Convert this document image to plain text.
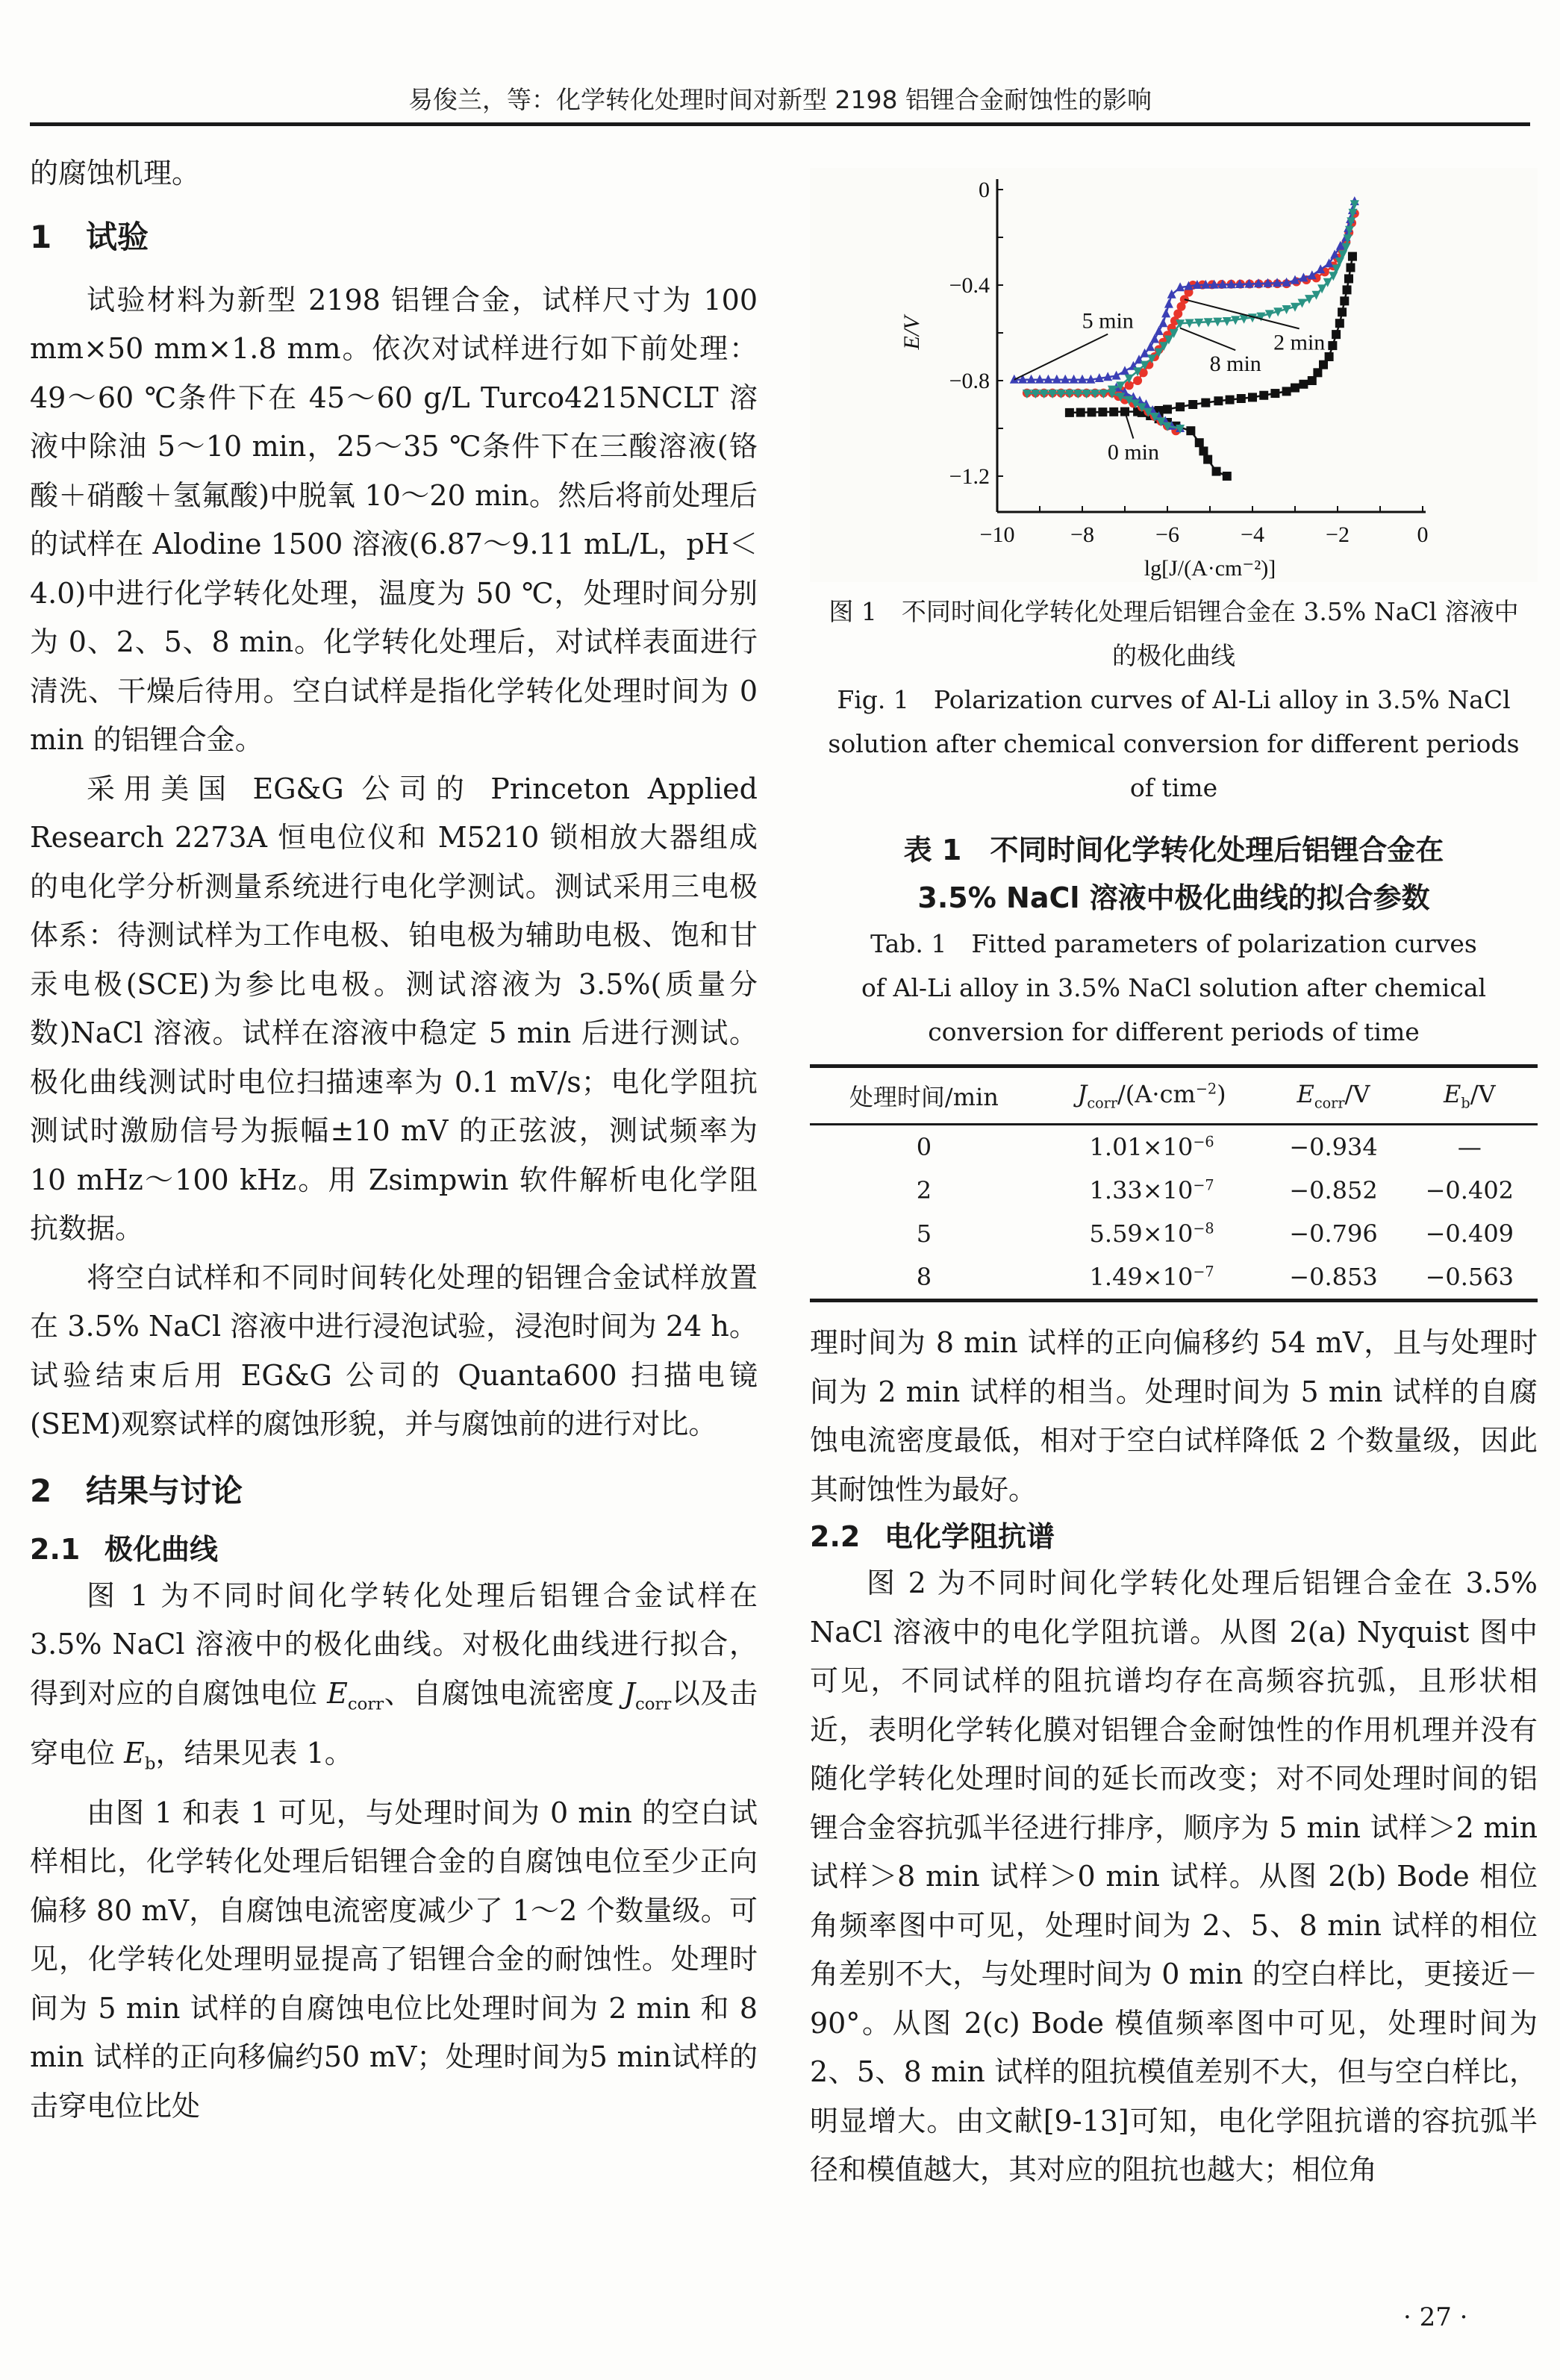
易俊兰，等：化学转化处理时间对新型 2198 铝锂合金耐蚀性的影响

的腐蚀机理。

1 试验

试验材料为新型 2198 铝锂合金，试样尺寸为 100 mm×50 mm×1.8 mm。依次对试样进行如下前处理：49～60 ℃条件下在 45～60 g/L Turco4215NCLT 溶液中除油 5～10 min，25～35 ℃条件下在三酸溶液(铬酸＋硝酸＋氢氟酸)中脱氧 10～20 min。然后将前处理后的试样在 Alodine 1500 溶液(6.87～9.11 mL/L，pH＜4.0)中进行化学转化处理，温度为 50 ℃，处理时间分别为 0、2、5、8 min。化学转化处理后，对试样表面进行清洗、干燥后待用。空白试样是指化学转化处理时间为 0 min 的铝锂合金。

采用美国 EG&G 公司的 Princeton Applied Research 2273A 恒电位仪和 M5210 锁相放大器组成的电化学分析测量系统进行电化学测试。测试采用三电极体系：待测试样为工作电极、铂电极为辅助电极、饱和甘汞电极(SCE)为参比电极。测试溶液为 3.5%(质量分数)NaCl 溶液。试样在溶液中稳定 5 min 后进行测试。极化曲线测试时电位扫描速率为 0.1 mV/s；电化学阻抗测试时激励信号为振幅±10 mV 的正弦波，测试频率为 10 mHz～100 kHz。用 Zsimpwin 软件解析电化学阻抗数据。

将空白试样和不同时间转化处理的铝锂合金试样放置在 3.5% NaCl 溶液中进行浸泡试验，浸泡时间为 24 h。试验结束后用 EG&G 公司的 Quanta600 扫描电镜(SEM)观察试样的腐蚀形貌，并与腐蚀前的进行对比。

2 结果与讨论
2.1 极化曲线

图 1 为不同时间化学转化处理后铝锂合金试样在 3.5% NaCl 溶液中的极化曲线。对极化曲线进行拟合，得到对应的自腐蚀电位 $E_{corr}$、自腐蚀电流密度 $J_{corr}$以及击穿电位 $E_b$，结果见表 1。

由图 1 和表 1 可见，与处理时间为 0 min 的空白试样相比，化学转化处理后铝锂合金的自腐蚀电位至少正向偏移 80 mV，自腐蚀电流密度减少了 1～2 个数量级。可见，化学转化处理明显提高了铝锂合金的耐蚀性。处理时间为 5 min 试样的自腐蚀电位比处理时间为 2 min 和 8 min 试样的正向移偏约50 mV；处理时间为5 min试样的击穿电位比处

−10 −8	−6	−4	−2	0
0
−0.4
−0.8
−1.2
lg[J/(A·cm⁻²)]
E/V	5 min
2 min
8 min
0 min
图 1  不同时间化学转化处理后铝锂合金在 3.5% NaCl 溶液中的极化曲线
Fig. 1  Polarization curves of Al-Li alloy in 3.5% NaCl solution after chemical conversion for different periods of time
表 1  不同时间化学转化处理后铝锂合金在 3.5% NaCl 溶液中极化曲线的拟合参数
Tab. 1  Fitted parameters of polarization curves of Al-Li alloy in 3.5% NaCl solution after chemical conversion for different periods of time
处理时间/min	$J_{corr}/(A\cdot cm^{-2})$	$E_{corr}/V$	$E_b/V$
0	$1.01\times 10^{-6}$	−0.934	—
2	$1.33\times 10^{-7}$	−0.852	−0.402
5	$5.59\times 10^{-8}$	−0.796	−0.409
8	$1.49\times 10^{-7}$	−0.853	−0.563

理时间为 8 min 试样的正向偏移约 54 mV，且与处理时间为 2 min 试样的相当。处理时间为 5 min 试样的自腐蚀电流密度最低，相对于空白试样降低 2 个数量级，因此其耐蚀性为最好。

2.2 电化学阻抗谱

图 2 为不同时间化学转化处理后铝锂合金在 3.5% NaCl 溶液中的电化学阻抗谱。从图 2(a) Nyquist 图中可见，不同试样的阻抗谱均存在高频容抗弧，且形状相近，表明化学转化膜对铝锂合金耐蚀性的作用机理并没有随化学转化处理时间的延长而改变；对不同处理时间的铝锂合金容抗弧半径进行排序，顺序为 5 min 试样＞2 min 试样＞8 min 试样＞0 min 试样。从图 2(b) Bode 相位角频率图中可见，处理时间为 2、5、8 min 试样的相位角差别不大，与处理时间为 0 min 的空白样比，更接近－90°。从图 2(c) Bode 模值频率图中可见，处理时间为 2、5、8 min 试样的阻抗模值差别不大，但与空白样比，明显增大。由文献[9-13]可知，电化学阻抗谱的容抗弧半径和模值越大，其对应的阻抗也越大；相位角

· 27 ·
